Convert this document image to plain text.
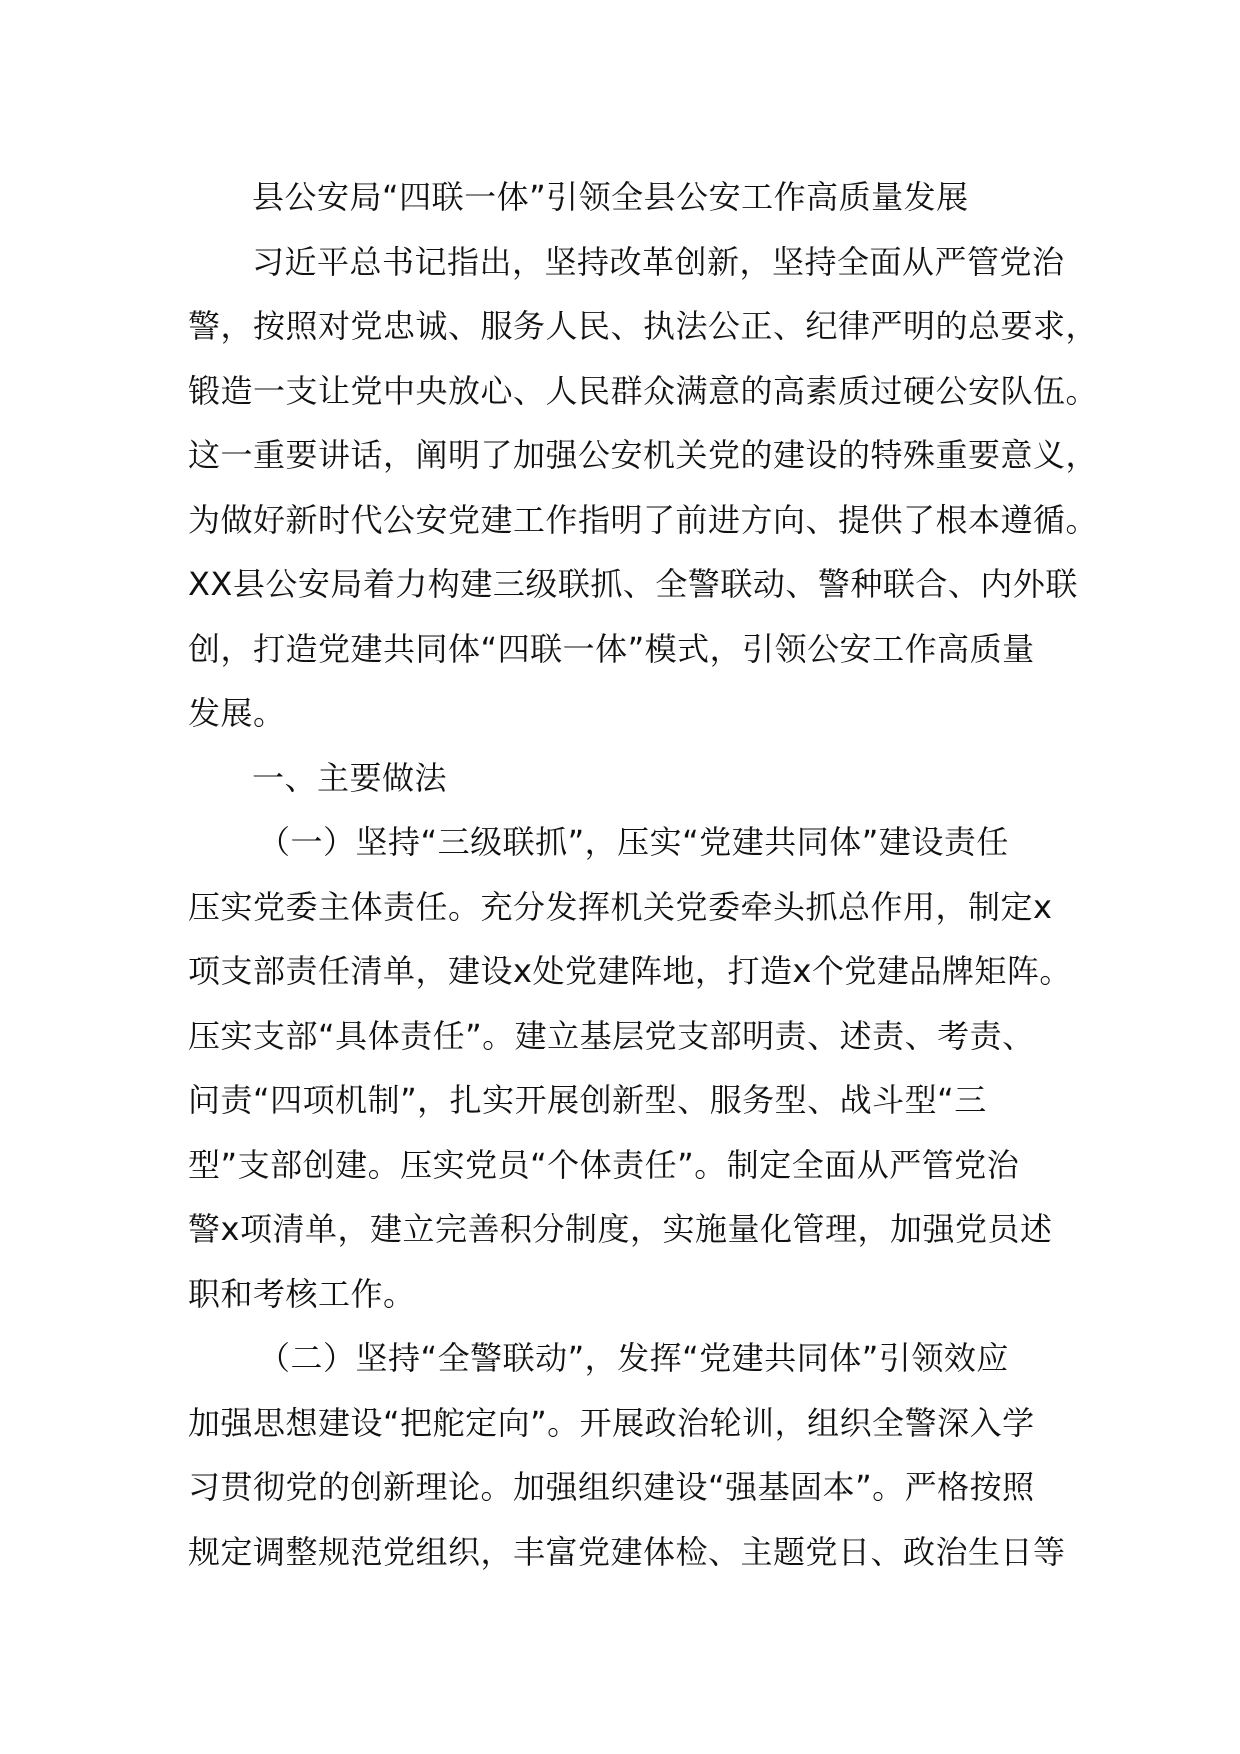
县公安局“四联一体”引领全县公安工作高质量发展
习近平总书记指出，坚持改革创新，坚持全面从严管党治
警，按照对党忠诚、服务人民、执法公正、纪律严明的总要求，
锻造一支让党中央放心、人民群众满意的高素质过硬公安队伍。
这一重要讲话，阐明了加强公安机关党的建设的特殊重要意义，
为做好新时代公安党建工作指明了前进方向、提供了根本遵循。
XX县公安局着力构建三级联抓、全警联动、警种联合、内外联
创，打造党建共同体“四联一体”模式，引领公安工作高质量
发展。
一、主要做法
（一）坚持“三级联抓”，压实“党建共同体”建设责任
压实党委主体责任。充分发挥机关党委牵头抓总作用，制定x
项支部责任清单，建设x处党建阵地，打造x个党建品牌矩阵。
压实支部“具体责任”。建立基层党支部明责、述责、考责、
问责“四项机制”，扎实开展创新型、服务型、战斗型“三
型”支部创建。压实党员“个体责任”。制定全面从严管党治
警x项清单，建立完善积分制度，实施量化管理，加强党员述
职和考核工作。
（二）坚持“全警联动”，发挥“党建共同体”引领效应
加强思想建设“把舵定向”。开展政治轮训，组织全警深入学
习贯彻党的创新理论。加强组织建设“强基固本”。严格按照
规定调整规范党组织，丰富党建体检、主题党日、政治生日等
